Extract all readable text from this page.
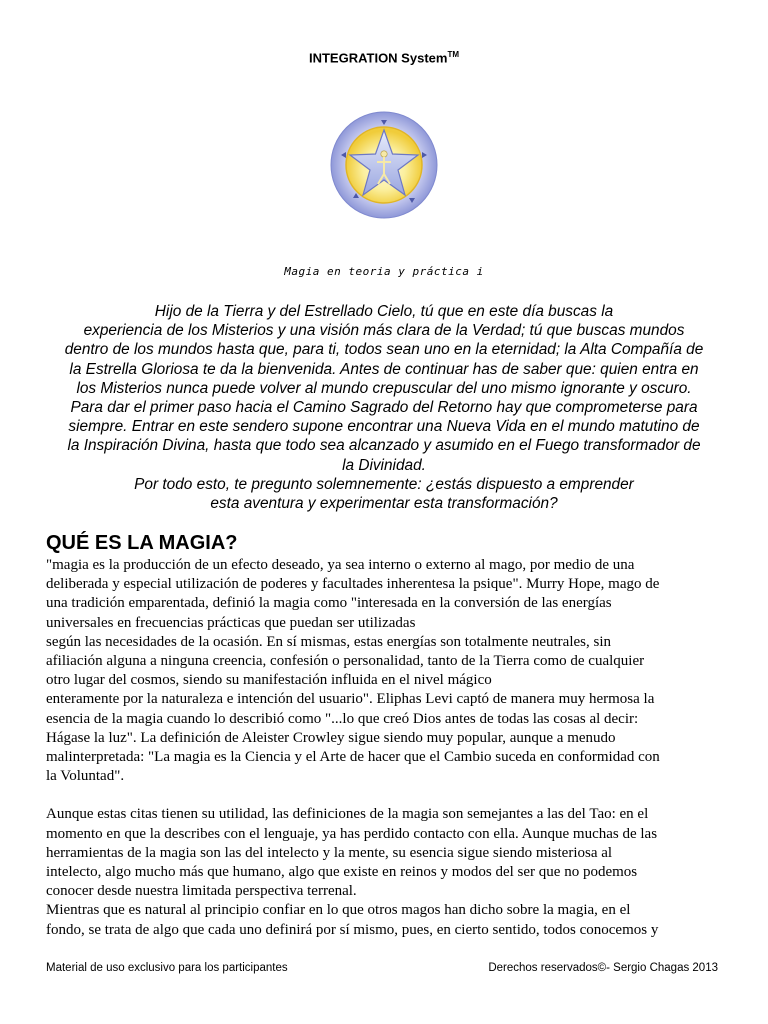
INTEGRATION System™
Magia en teoria y práctica i

Hijo de la Tierra y del Estrellado Cielo, tú que en este día buscas la

experiencia de los Misterios y una visión más clara de la Verdad; tú que buscas mundos

dentro de los mundos hasta que, para ti, todos sean uno en la eternidad; la Alta Compañía de

la Estrella Gloriosa te da la bienvenida. Antes de continuar has de saber que: quien entra en

los Misterios nunca puede volver al mundo crepuscular del uno mismo ignorante y oscuro.

Para dar el primer paso hacia el Camino Sagrado del Retorno hay que comprometerse para

siempre. Entrar en este sendero supone encontrar una Nueva Vida en el mundo matutino de

la Inspiración Divina, hasta que todo sea alcanzado y asumido en el Fuego transformador de

la Divinidad.

Por todo esto, te pregunto solemnemente: ¿estás dispuesto a emprender

esta aventura y experimentar esta transformación?

QUÉ ES LA MAGIA?

"magia es la producción de un efecto deseado, ya sea interno o externo al mago, por medio de una

deliberada y especial utilización de poderes y facultades inherentesa la psique". Murry Hope, mago de

una tradición emparentada, definió la magia como "interesada en la conversión de las energías

universales en frecuencias prácticas que puedan ser utilizadas

según las necesidades de la ocasión. En sí mismas, estas energías son totalmente neutrales, sin

afiliación alguna a ninguna creencia, confesión o personalidad, tanto de la Tierra como de cualquier

otro lugar del cosmos, siendo su manifestación influida en el nivel mágico

enteramente por la naturaleza e intención del usuario". Eliphas Levi captó de manera muy hermosa la

esencia de la magia cuando lo describió como "...lo que creó Dios antes de todas las cosas al decir:

Hágase la luz". La definición de Aleister Crowley sigue siendo muy popular, aunque a menudo

malinterpretada: "La magia es la Ciencia y el Arte de hacer que el Cambio suceda en conformidad con

la Voluntad".

Aunque estas citas tienen su utilidad, las definiciones de la magia son semejantes a las del Tao: en el

momento en que la describes con el lenguaje, ya has perdido contacto con ella. Aunque muchas de las

herramientas de la magia son las del intelecto y la mente, su esencia sigue siendo misteriosa al

intelecto, algo mucho más que humano, algo que existe en reinos y modos del ser que no podemos

conocer desde nuestra limitada perspectiva terrenal.

Mientras que es natural al principio confiar en lo que otros magos han dicho sobre la magia, en el

fondo, se trata de algo que cada uno definirá por sí mismo, pues, en cierto sentido, todos conocemos y

Material de uso exclusivo para los participantes	Derechos reservados©- Sergio Chagas 2013
